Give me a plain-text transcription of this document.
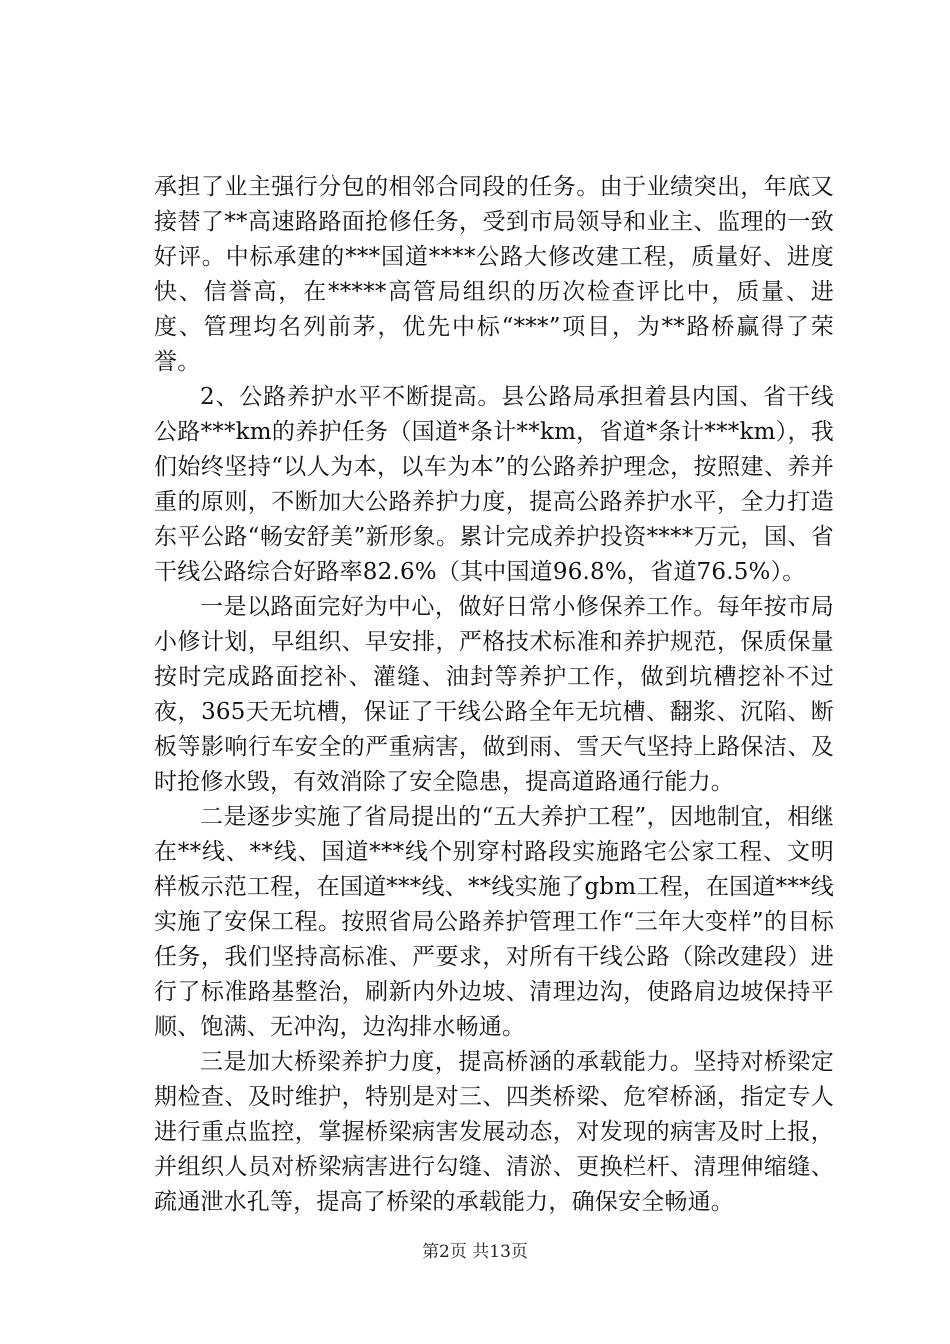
承担了业主强行分包的相邻合同段的任务。由于业绩突出，年底又接替了**高速路路面抢修任务，受到市局领导和业主、监理的一致好评。中标承建的***国道****公路大修改建工程，质量好、进度快、信誉高，在*****高管局组织的历次检查评比中，质量、进度、管理均名列前茅，优先中标“***”项目，为**路桥赢得了荣誉。

2、公路养护水平不断提高。县公路局承担着县内国、省干线公路***km的养护任务（国道*条计**km，省道*条计***km），我们始终坚持“以人为本，以车为本”的公路养护理念，按照建、养并重的原则，不断加大公路养护力度，提高公路养护水平，全力打造东平公路“畅安舒美”新形象。累计完成养护投资****万元，国、省干线公路综合好路率82.6%（其中国道96.8%，省道76.5%）。

一是以路面完好为中心，做好日常小修保养工作。每年按市局小修计划，早组织、早安排，严格技术标准和养护规范，保质保量按时完成路面挖补、灌缝、油封等养护工作，做到坑槽挖补不过夜，365天无坑槽，保证了干线公路全年无坑槽、翻浆、沉陷、断板等影响行车安全的严重病害，做到雨、雪天气坚持上路保洁、及时抢修水毁，有效消除了安全隐患，提高道路通行能力。

二是逐步实施了省局提出的“五大养护工程”，因地制宜，相继在**线、**线、国道***线个别穿村路段实施路宅公家工程、文明样板示范工程，在国道***线、**线实施了gbm工程，在国道***线实施了安保工程。按照省局公路养护管理工作“三年大变样”的目标任务，我们坚持高标准、严要求，对所有干线公路（除改建段）进行了标准路基整治，刷新内外边坡、清理边沟，使路肩边坡保持平顺、饱满、无冲沟，边沟排水畅通。

三是加大桥梁养护力度，提高桥涵的承载能力。坚持对桥梁定期检查、及时维护，特别是对三、四类桥梁、危窄桥涵，指定专人进行重点监控，掌握桥梁病害发展动态，对发现的病害及时上报，并组织人员对桥梁病害进行勾缝、清淤、更换栏杆、清理伸缩缝、疏通泄水孔等，提高了桥梁的承载能力，确保安全畅通。

第2页 共13页
